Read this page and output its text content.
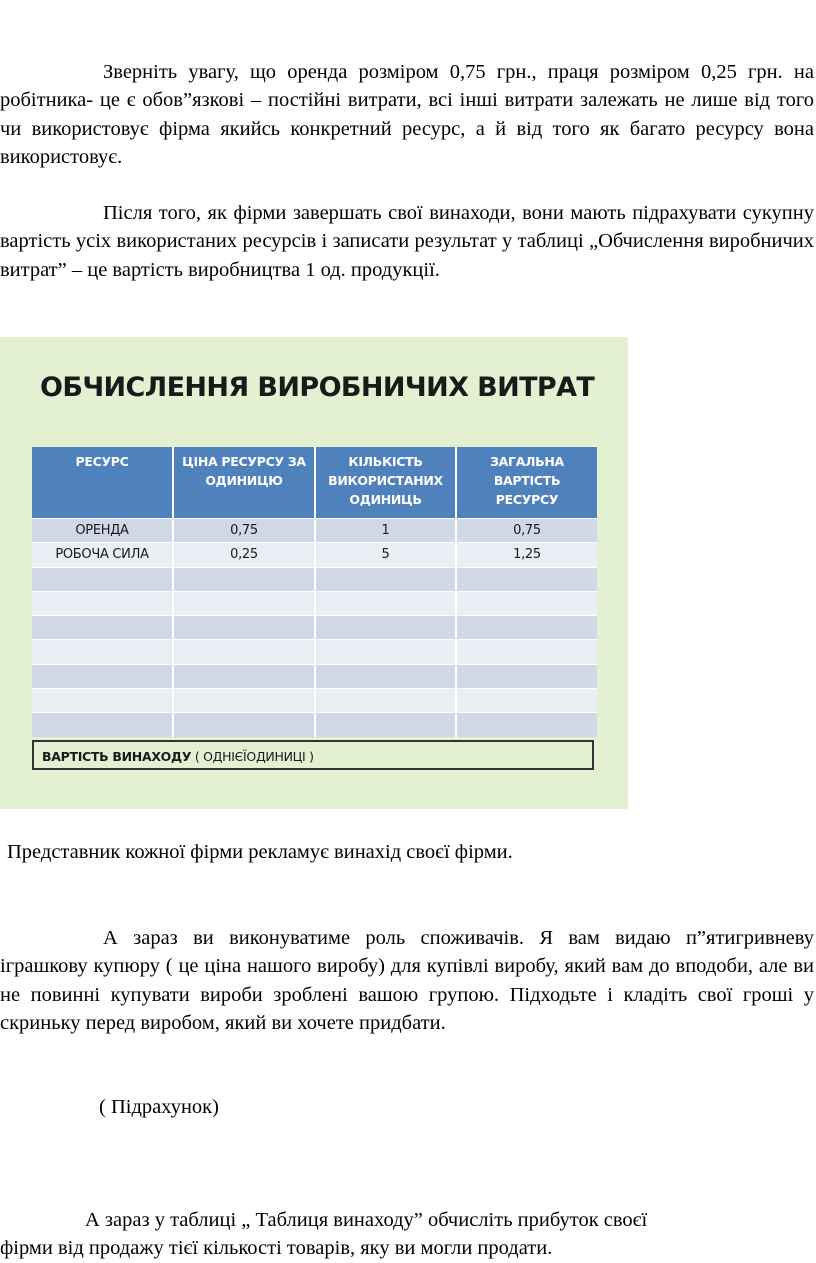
Зверніть увагу, що оренда розміром 0,75 грн., праця розміром 0,25 грн. на робітника- це є обов”язкові – постійні витрати, всі інші витрати залежать не лише від того чи використовує фірма якийсь конкретний ресурс, а й від того як багато ресурсу вона використовує.

Після того, як фірми завершать свої винаходи, вони мають підрахувати сукупну вартість усіх використаних ресурсів і записати результат у таблиці „Обчислення виробничих витрат” – це вартість виробництва 1 од. продукції.

ОБЧИСЛЕННЯ ВИРОБНИЧИХ ВИТРАТ
РЕСУРС	ЦІНА РЕСУРСУ ЗА ОДИНИЦЮ	КІЛЬКІСТЬ ВИКОРИСТАНИХ ОДИНИЦЬ	ЗАГАЛЬНА ВАРТІСТЬ РЕСУРСУ
ОРЕНДА	0,75	1	0,75
РОБОЧА СИЛА	0,25	5	1,25

ВАРТІСТЬ ВИНАХОДУ ( ОДНІЄЇОДИНИЦІ )

Представник кожної фірми рекламує винахід своєї фірми.

А зараз ви виконуватиме роль споживачів. Я вам видаю п”ятигривневу іграшкову купюру ( це ціна нашого виробу) для купівлі виробу, який вам до вподоби, але ви не повинні купувати вироби зроблені вашою групою. Підходьте і кладіть свої гроші у скриньку перед виробом, який ви хочете придбати.

( Підрахунок)

А зараз у таблиці „ Таблиця винаходу” обчисліть прибуток своєї
фірми від продажу тієї кількості товарів, яку ви могли продати.
